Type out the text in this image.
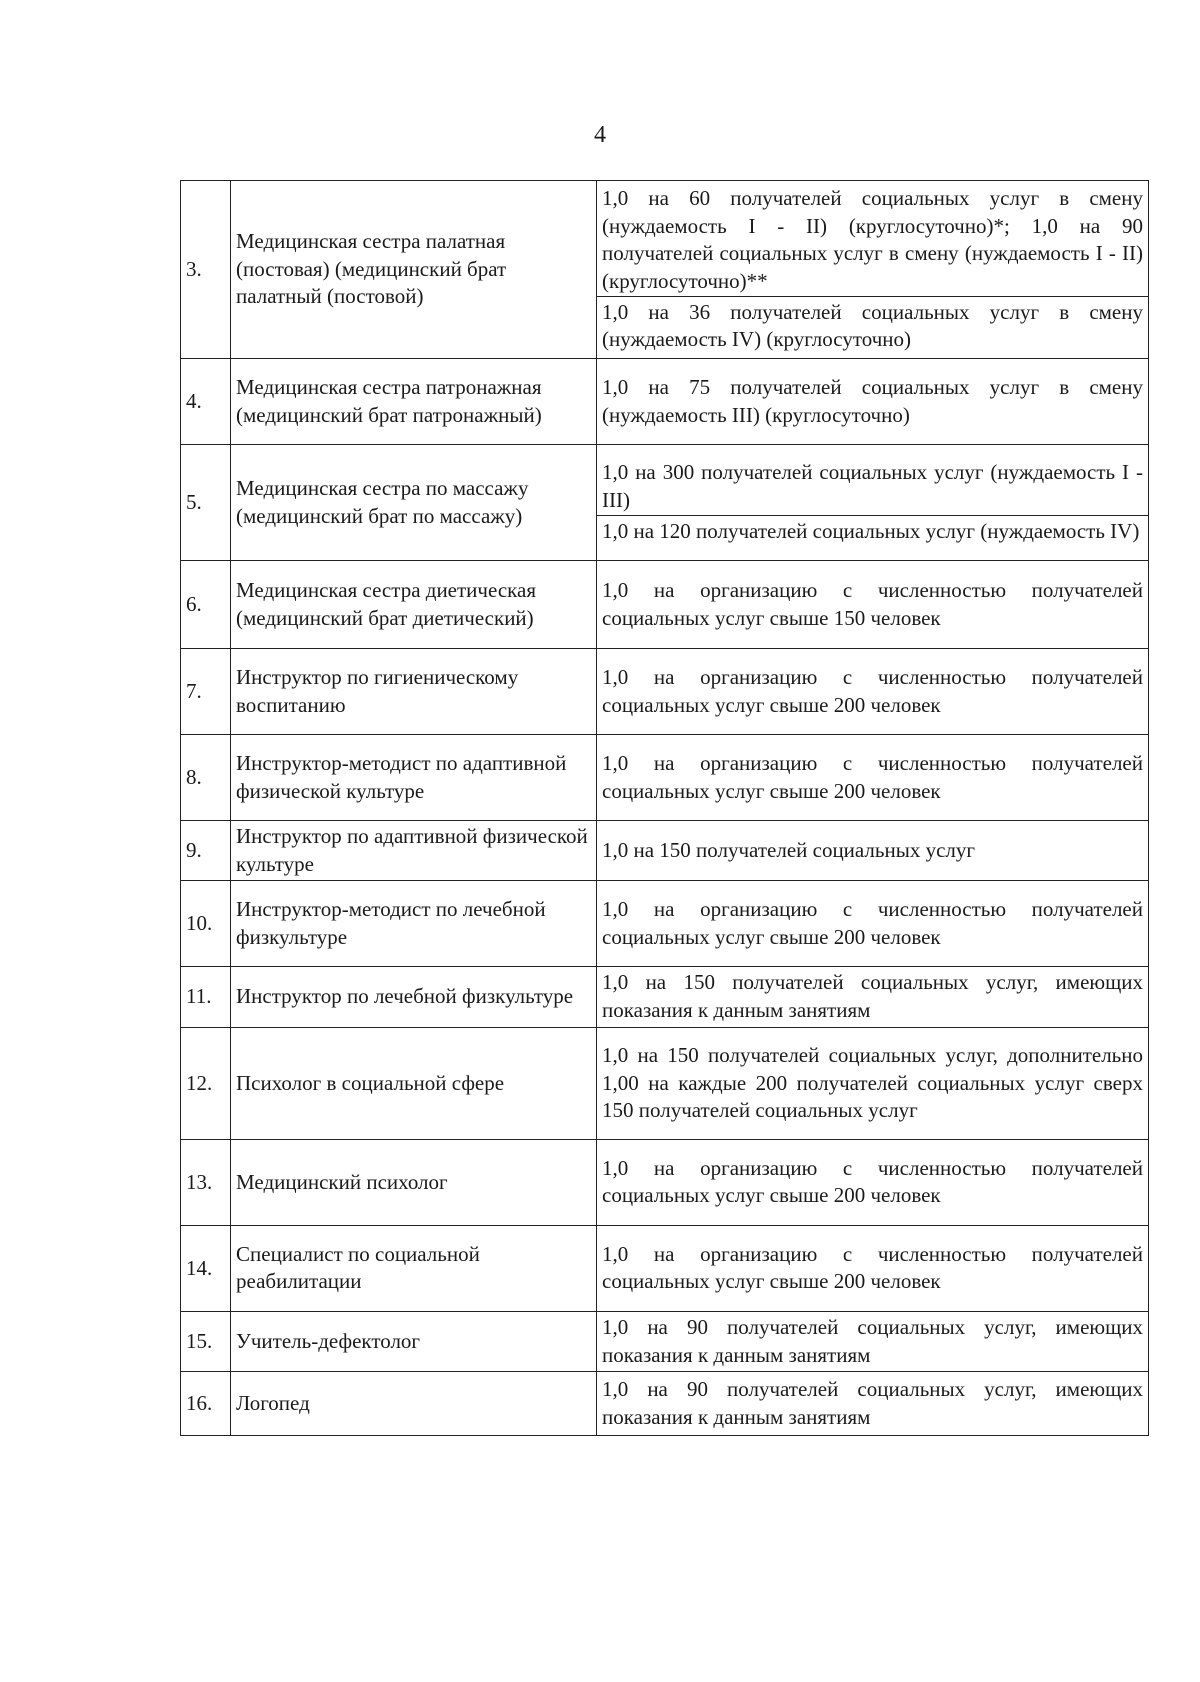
4
3.	Медицинская сестра палатная (постовая) (медицинский брат палатный (постовой)	1,0 на 60 получателей социальных услуг в смену (нуждаемость I - II) (круглосуточно)*; 1,0 на 90 получателей социальных услуг в смену (нуждаемость I - II) (круглосуточно)**
1,0 на 36 получателей социальных услуг в смену (нуждаемость IV) (круглосуточно)

4.	Медицинская сестра патронажная (медицинский брат патронажный)	1,0 на 75 получателей социальных услуг в смену (нуждаемость III) (круглосуточно)

5.	Медицинская сестра по массажу (медицинский брат по массажу)	1,0 на 300 получателей социальных услуг (нуждаемость I - III)
1,0 на 120 получателей социальных услуг (нуждаемость IV)

6.	Медицинская сестра диетическая (медицинский брат диетический)	1,0 на организацию с численностью получателей социальных услуг свыше 150 человек

7.	Инструктор по гигиеническому воспитанию	1,0 на организацию с численностью получателей социальных услуг свыше 200 человек

8.	Инструктор-методист по адаптивной физической культуре	1,0 на организацию с численностью получателей социальных услуг свыше 200 человек

9.	Инструктор по адаптивной физической культуре	1,0 на 150 получателей социальных услуг

10.	Инструктор-методист по лечебной физкультуре	1,0 на организацию с численностью получателей социальных услуг свыше 200 человек

11.	Инструктор по лечебной физкультуре	1,0 на 150 получателей социальных услуг, имеющих показания к данным занятиям

12.	Психолог в социальной сфере	1,0 на 150 получателей социальных услуг, дополнительно 1,00 на каждые 200 получателей социальных услуг сверх 150 получателей социальных услуг

13.	Медицинский психолог	1,0 на организацию с численностью получателей социальных услуг свыше 200 человек

14.	Специалист по социальной реабилитации	1,0 на организацию с численностью получателей социальных услуг свыше 200 человек

15.	Учитель-дефектолог	1,0 на 90 получателей социальных услуг, имеющих показания к данным занятиям

16.	Логопед	1,0 на 90 получателей социальных услуг, имеющих показания к данным занятиям
